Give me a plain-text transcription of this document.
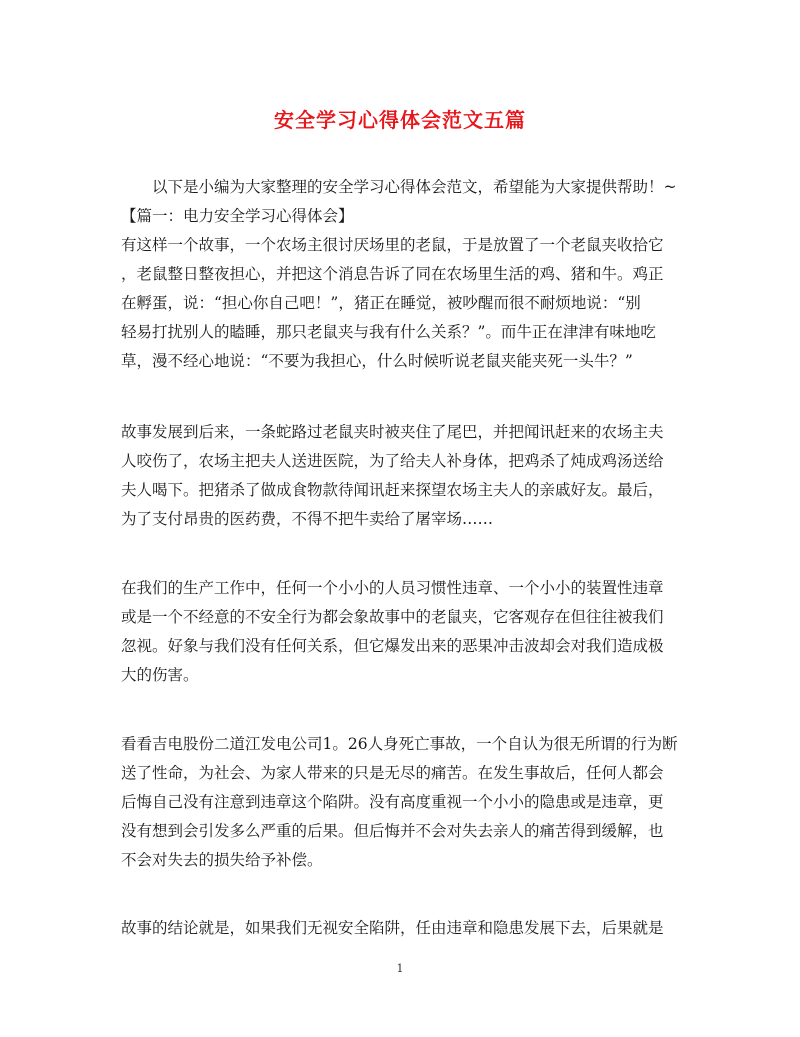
安全学习心得体会范文五篇

以下是小编为大家整理的安全学习心得体会范文，希望能为大家提供帮助！~

【篇一：电力安全学习心得体会】

有这样一个故事，一个农场主很讨厌场里的老鼠，于是放置了一个老鼠夹收拾它

，老鼠整日整夜担心，并把这个消息告诉了同在农场里生活的鸡、猪和牛。鸡正

在孵蛋，说：“担心你自己吧！”，猪正在睡觉，被吵醒而很不耐烦地说：“别

轻易打扰别人的瞌睡，那只老鼠夹与我有什么关系？”。而牛正在津津有味地吃

草，漫不经心地说：“不要为我担心，什么时候听说老鼠夹能夹死一头牛？”

故事发展到后来，一条蛇路过老鼠夹时被夹住了尾巴，并把闻讯赶来的农场主夫

人咬伤了，农场主把夫人送进医院，为了给夫人补身体，把鸡杀了炖成鸡汤送给

夫人喝下。把猪杀了做成食物款待闻讯赶来探望农场主夫人的亲戚好友。最后，

为了支付昂贵的医药费，不得不把牛卖给了屠宰场……

在我们的生产工作中，任何一个小小的人员习惯性违章、一个小小的装置性违章

或是一个不经意的不安全行为都会象故事中的老鼠夹，它客观存在但往往被我们

忽视。好象与我们没有任何关系，但它爆发出来的恶果冲击波却会对我们造成极

大的伤害。

看看吉电股份二道江发电公司1。26人身死亡事故，一个自认为很无所谓的行为断

送了性命，为社会、为家人带来的只是无尽的痛苦。在发生事故后，任何人都会

后悔自己没有注意到违章这个陷阱。没有高度重视一个小小的隐患或是违章，更

没有想到会引发多么严重的后果。但后悔并不会对失去亲人的痛苦得到缓解，也

不会对失去的损失给予补偿。

故事的结论就是，如果我们无视安全陷阱，任由违章和隐患发展下去，后果就是

1
